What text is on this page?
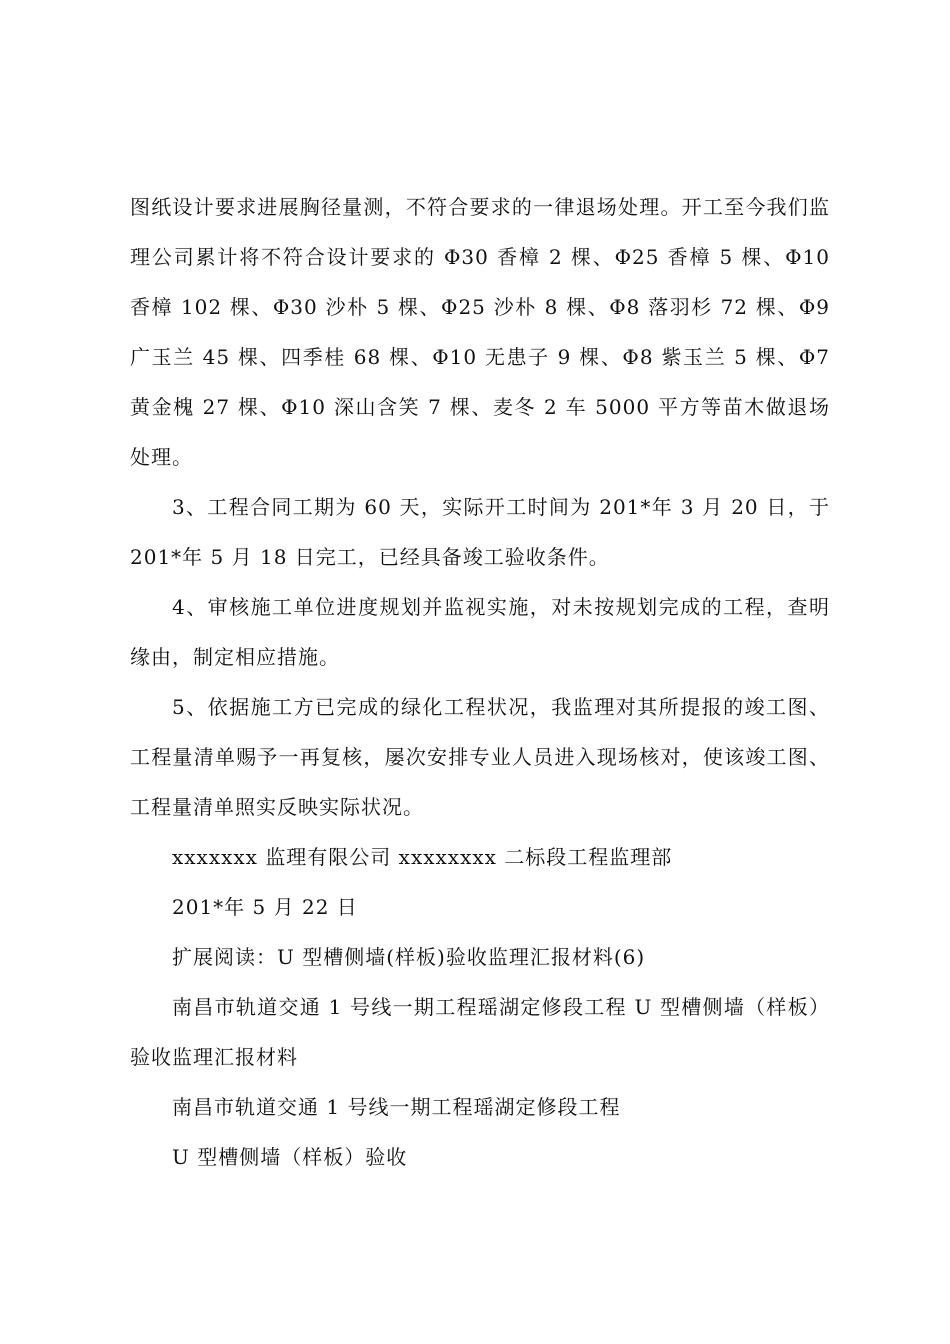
图纸设计要求进展胸径量测，不符合要求的一律退场处理。开工至今我们监理公司累计将不符合设计要求的 Φ30 香樟 2 棵、Φ25 香樟 5 棵、Φ10 香樟 102 棵、Φ30 沙朴 5 棵、Φ25 沙朴 8 棵、Φ8 落羽杉 72 棵、Φ9 广玉兰 45 棵、四季桂 68 棵、Φ10 无患子 9 棵、Φ8 紫玉兰 5 棵、Φ7 黄金槐 27 棵、Φ10 深山含笑 7 棵、麦冬 2 车 5000 平方等苗木做退场处理。

3、工程合同工期为 60 天，实际开工时间为 201*年 3 月 20 日，于 201*年 5 月 18 日完工，已经具备竣工验收条件。

4、审核施工单位进度规划并监视实施，对未按规划完成的工程，查明缘由，制定相应措施。

5、依据施工方已完成的绿化工程状况，我监理对其所提报的竣工图、工程量清单赐予一再复核，屡次安排专业人员进入现场核对，使该竣工图、工程量清单照实反映实际状况。

xxxxxxx 监理有限公司 xxxxxxxx 二标段工程监理部

201*年 5 月 22 日

扩展阅读：U 型槽侧墙(样板)验收监理汇报材料(6)

南昌市轨道交通 1 号线一期工程瑶湖定修段工程 U 型槽侧墙（样板）验收监理汇报材料

南昌市轨道交通 1 号线一期工程瑶湖定修段工程

U 型槽侧墙（样板）验收
